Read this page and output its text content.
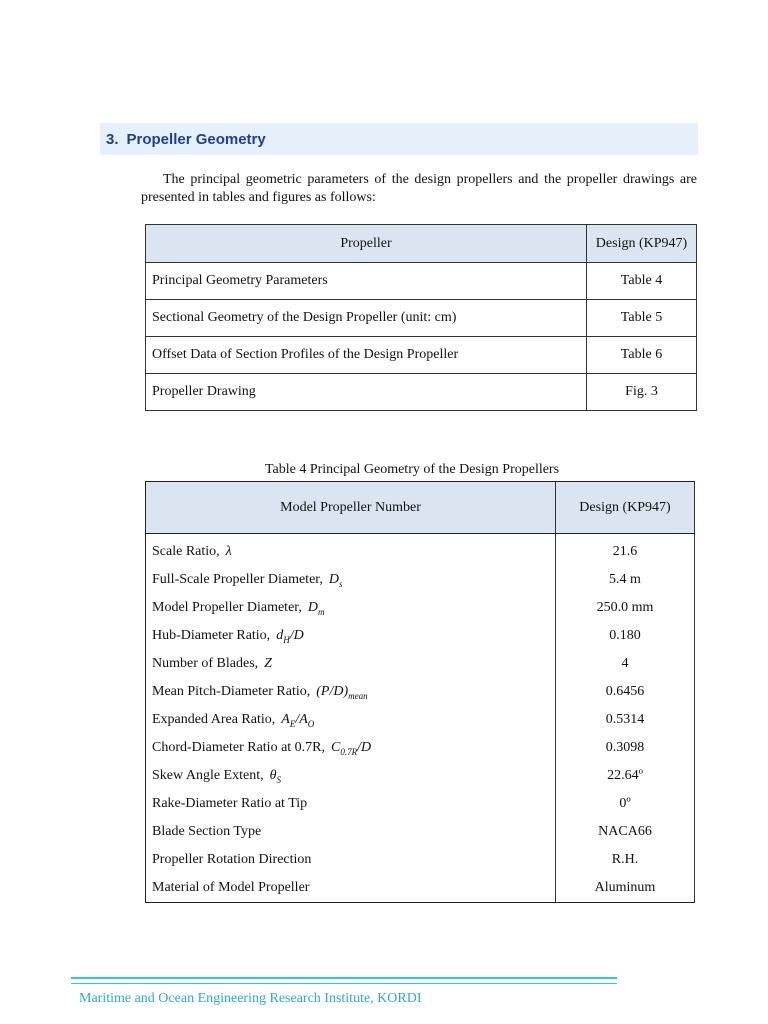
3. Propeller Geometry
The principal geometric parameters of the design propellers and the propeller drawings are presented in tables and figures as follows:
Propeller	Design (KP947)
Principal Geometry Parameters	Table 4
Sectional Geometry of the Design Propeller (unit: cm)	Table 5
Offset Data of Section Profiles of the Design Propeller	Table 6
Propeller Drawing	Fig. 3
Table 4 Principal Geometry of the Design Propellers
Model Propeller Number	Design (KP947)
Scale Ratio, λ	21.6
Full-Scale Propeller Diameter, $D_s$	5.4 m
Model Propeller Diameter, $D_m$	250.0 mm
Hub-Diameter Ratio, $d_H/D$	0.180
Number of Blades, Z	4
Mean Pitch-Diameter Ratio, $(P/D)_{mean}$	0.6456
Expanded Area Ratio, $A_E/A_O$	0.5314
Chord-Diameter Ratio at 0.7R, $C_{0.7R}/D$	0.3098
Skew Angle Extent, $\theta_S$	22.64º
Rake-Diameter Ratio at Tip	0º
Blade Section Type	NACA66
Propeller Rotation Direction	R.H.
Material of Model Propeller	Aluminum
Maritime and Ocean Engineering Research Institute, KORDI
